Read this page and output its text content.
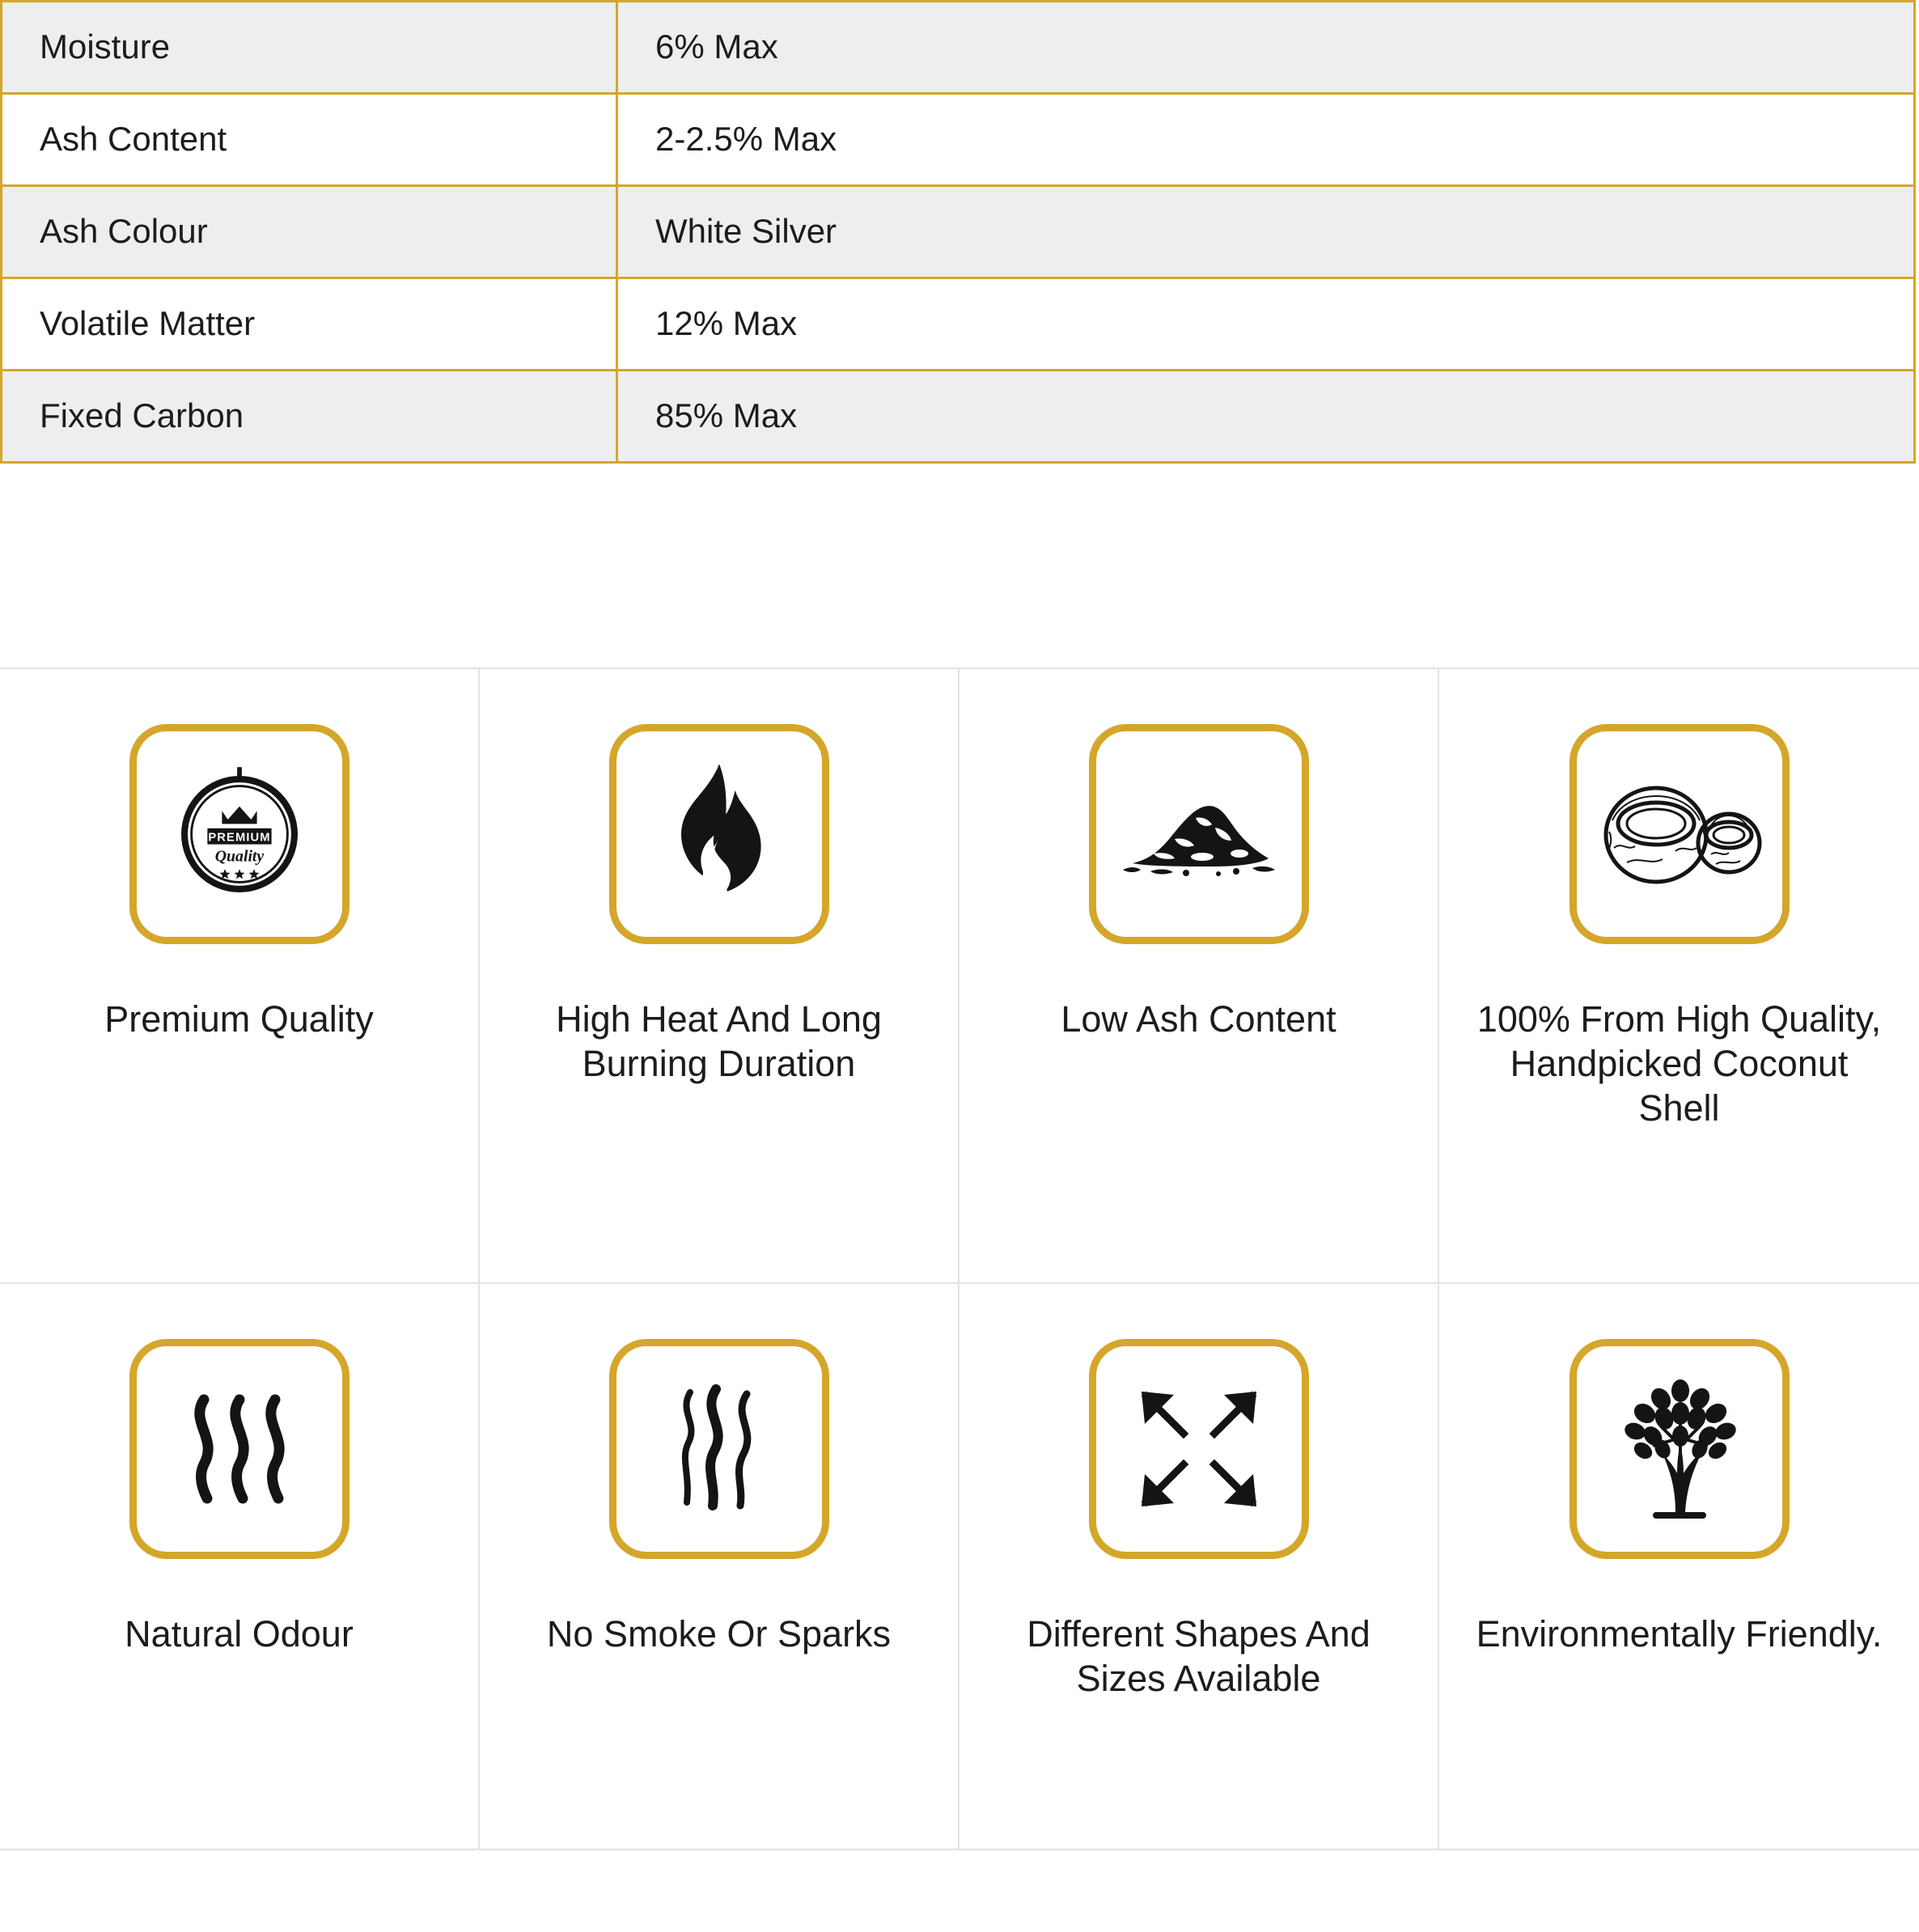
Moisture	6% Max
Ash Content	2-2.5% Max
Ash Colour	White Silver
Volatile Matter	12% Max
Fixed Carbon	85% Max
PREMIUM
Quality
Premium Quality	High Heat And Long Burning Duration
Low Ash Content	100% From High Quality, Handpicked Coconut Shell
Natural Odour	No Smoke Or Sparks	Different Shapes And Sizes Available
Environmentally Friendly.
